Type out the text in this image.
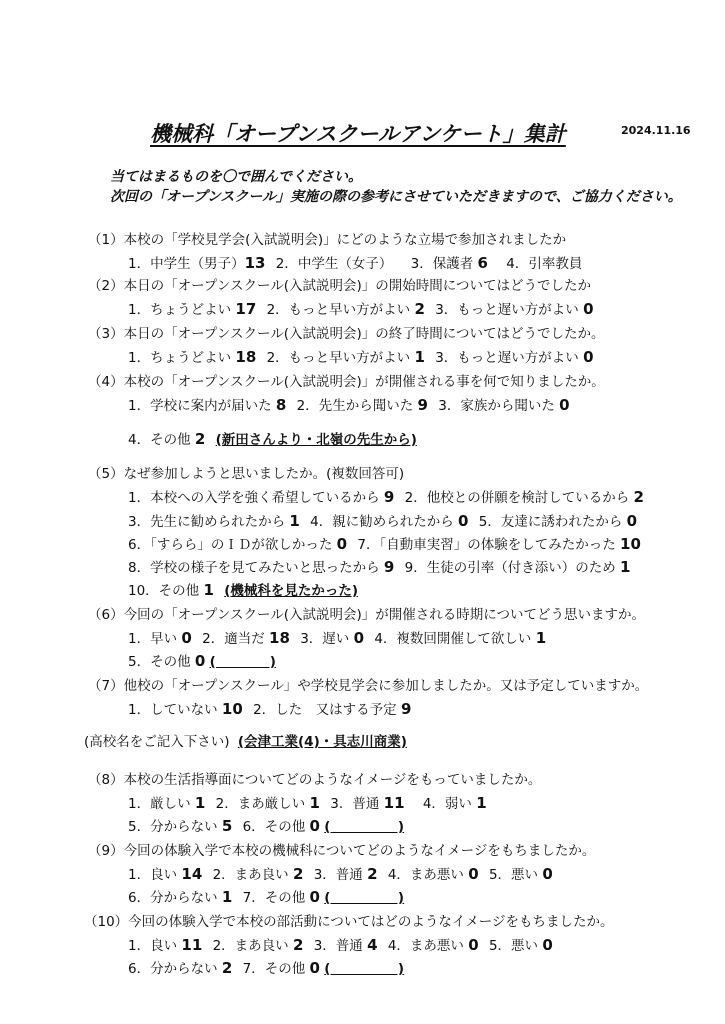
機械科「オープンスクールアンケート」集計	2024.11.16
当てはまるものを〇で囲んでください。
次回の「オープンスクール」実施の際の参考にさせていただきますので、ご協力ください。
（1）本校の「学校見学会(入試説明会)」にどのような立場で参加されましたか
1．中学生（男子）13 2．中学生（女子） 3．保護者 6 4．引率教員
（2）本日の「オープンスクール(入試説明会)」の開始時間についてはどうでしたか
1．ちょうどよい 17 2．もっと早い方がよい 2 3．もっと遅い方がよい 0
（3）本日の「オープンスクール(入試説明会)」の終了時間についてはどうでしたか。
1．ちょうどよい 18 2．もっと早い方がよい 1 3．もっと遅い方がよい 0
（4）本校の「オープンスクール(入試説明会)」が開催される事を何で知りましたか。
1．学校に案内が届いた 8 2．先生から聞いた 9 3．家族から聞いた 0
4．その他 2 (新田さんより・北嶺の先生から)
（5）なぜ参加しようと思いましたか。(複数回答可)
1．本校への入学を強く希望しているから 9 2．他校との併願を検討しているから 2
3．先生に勧められたから 1 4．親に勧められたから 0 5．友達に誘われたから 0
6．「すらら」のＩＤが欲しかった 0 7．「自動車実習」の体験をしてみたかった 10
8．学校の様子を見てみたいと思ったから 9 9．生徒の引率（付き添い）のため 1
10．その他 1 (機械科を見たかった)
（6）今回の「オープンスクール(入試説明会)」が開催される時期についてどう思いますか。
1．早い 0 2．適当だ 18 3．遅い 0 4．複数回開催して欲しい 1
5．その他 0 (　　　　)
（7）他校の「オープンスクール」や学校見学会に参加しましたか。又は予定していますか。
1．していない 10 2．した　又はする予定 9
(高校名をご記入下さい) (会津工業(4)・具志川商業)
（8）本校の生活指導面についてどのようなイメージをもっていましたか。
1．厳しい 1 2．まあ厳しい 1 3．普通 11 4．弱い 1
5．分からない 5 6．その他 0 (　　　　　)
（9）今回の体験入学で本校の機械科についてどのようなイメージをもちましたか。
1．良い 14 2．まあ良い 2 3．普通 2 4．まあ悪い 0 5．悪い 0
6．分からない 1 7．その他 0 (　　　　　)
（10）今回の体験入学で本校の部活動についてはどのようなイメージをもちましたか。
1．良い 11 2．まあ良い 2 3．普通 4 4．まあ悪い 0 5．悪い 0
6．分からない 2 7．その他 0 (　　　　　)
